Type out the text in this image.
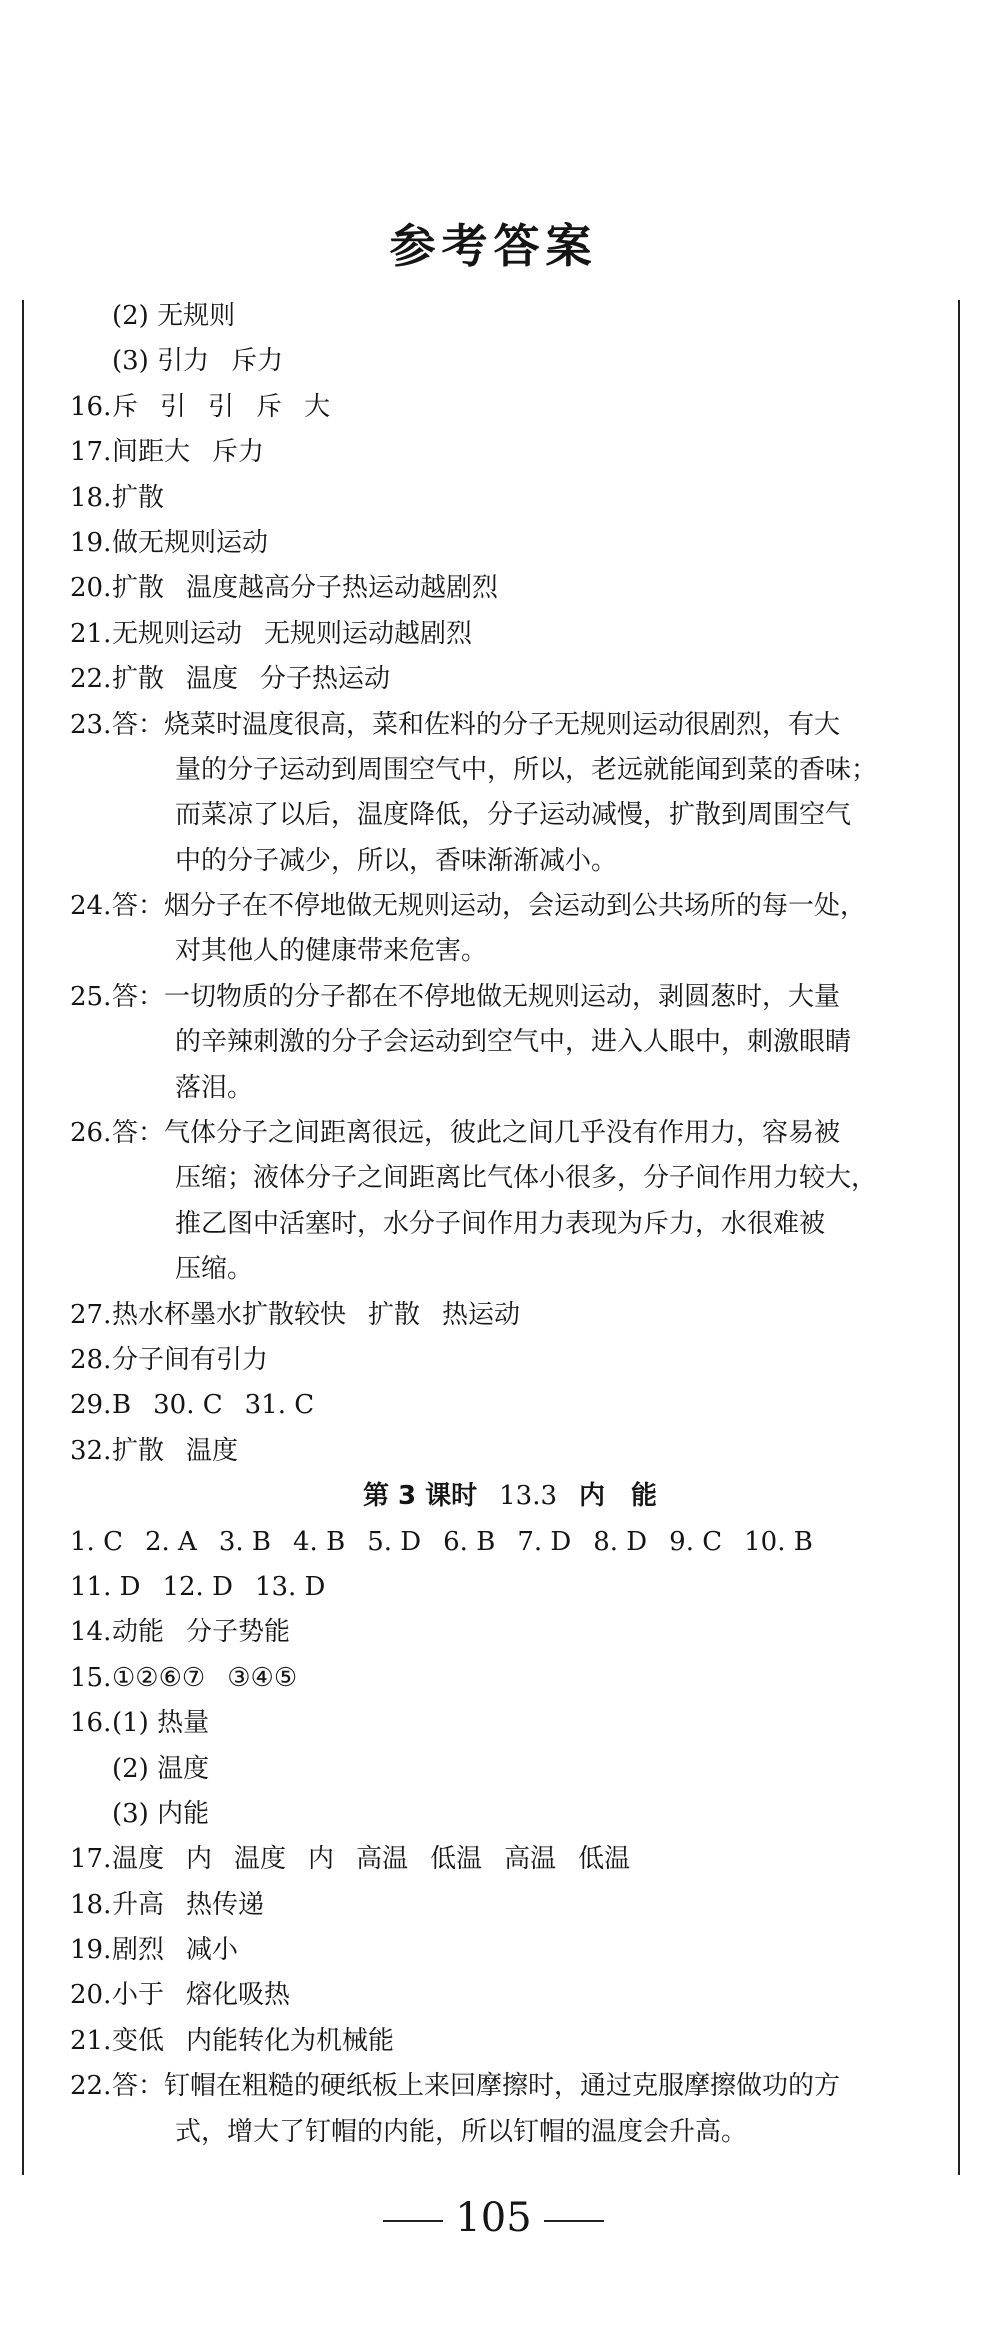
参考答案
(2) 无规则
(3) 引力 斥力
16.斥 引 引 斥 大
17.间距大 斥力
18.扩散
19.做无规则运动
20.扩散 温度越高分子热运动越剧烈
21.无规则运动 无规则运动越剧烈
22.扩散 温度 分子热运动
23.答：烧菜时温度很高，菜和佐料的分子无规则运动很剧烈，有大
量的分子运动到周围空气中，所以，老远就能闻到菜的香味；
而菜凉了以后，温度降低，分子运动减慢，扩散到周围空气
中的分子减少，所以，香味渐渐减小。
24.答：烟分子在不停地做无规则运动，会运动到公共场所的每一处，
对其他人的健康带来危害。
25.答：一切物质的分子都在不停地做无规则运动，剥圆葱时，大量
的辛辣刺激的分子会运动到空气中，进入人眼中，刺激眼睛
落泪。
26.答：气体分子之间距离很远，彼此之间几乎没有作用力，容易被
压缩；液体分子之间距离比气体小很多，分子间作用力较大，
推乙图中活塞时，水分子间作用力表现为斥力，水很难被
压缩。
27.热水杯墨水扩散较快 扩散 热运动
28.分子间有引力
29.B 30. C 31. C
32.扩散 温度
第 3 课时 13.3 内　能
1. C 2. A 3. B 4. B 5. D 6. B 7. D 8. D 9. C 10. B
11. D 12. D 13. D
14.动能 分子势能
15.①②⑥⑦ ③④⑤
16.(1) 热量
(2) 温度
(3) 内能
17.温度 内 温度 内 高温 低温 高温 低温
18.升高 热传递
19.剧烈 减小
20.小于 熔化吸热
21.变低 内能转化为机械能
22.答：钉帽在粗糙的硬纸板上来回摩擦时，通过克服摩擦做功的方
式，增大了钉帽的内能，所以钉帽的温度会升高。
105
